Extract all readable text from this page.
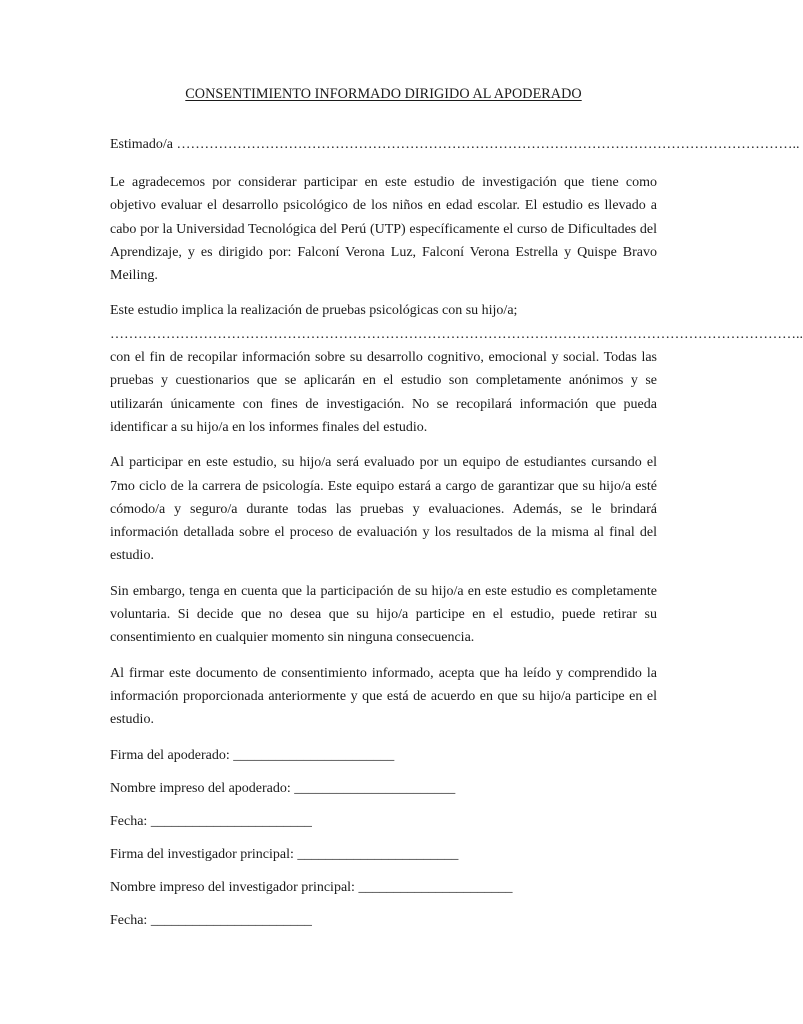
CONSENTIMIENTO INFORMADO DIRIGIDO AL APODERADO

Estimado/a ……………………………………………………………………………………………………………………..

Le agradecemos por considerar participar en este estudio de investigación que tiene como objetivo evaluar el desarrollo psicológico de los niños en edad escolar. El estudio es llevado a cabo por la Universidad Tecnológica del Perú (UTP) específicamente el curso de Dificultades del Aprendizaje, y es dirigido por: Falconí Verona Luz, Falconí Verona Estrella y Quispe Bravo Meiling.

Este estudio implica la realización de pruebas psicológicas con su hijo/a;
…………………………………………………………………………………………………………………………………..
con el fin de recopilar información sobre su desarrollo cognitivo, emocional y social. Todas las pruebas y cuestionarios que se aplicarán en el estudio son completamente anónimos y se utilizarán únicamente con fines de investigación. No se recopilará información que pueda identificar a su hijo/a en los informes finales del estudio.

Al participar en este estudio, su hijo/a será evaluado por un equipo de estudiantes cursando el 7mo ciclo de la carrera de psicología. Este equipo estará a cargo de garantizar que su hijo/a esté cómodo/a y seguro/a durante todas las pruebas y evaluaciones. Además, se le brindará información detallada sobre el proceso de evaluación y los resultados de la misma al final del estudio.

Sin embargo, tenga en cuenta que la participación de su hijo/a en este estudio es completamente voluntaria. Si decide que no desea que su hijo/a participe en el estudio, puede retirar su consentimiento en cualquier momento sin ninguna consecuencia.

Al firmar este documento de consentimiento informado, acepta que ha leído y comprendido la información proporcionada anteriormente y que está de acuerdo en que su hijo/a participe en el estudio.

Firma del apoderado: _______________________

Nombre impreso del apoderado: _______________________

Fecha: _______________________

Firma del investigador principal: _______________________

Nombre impreso del investigador principal: ______________________

Fecha: _______________________
